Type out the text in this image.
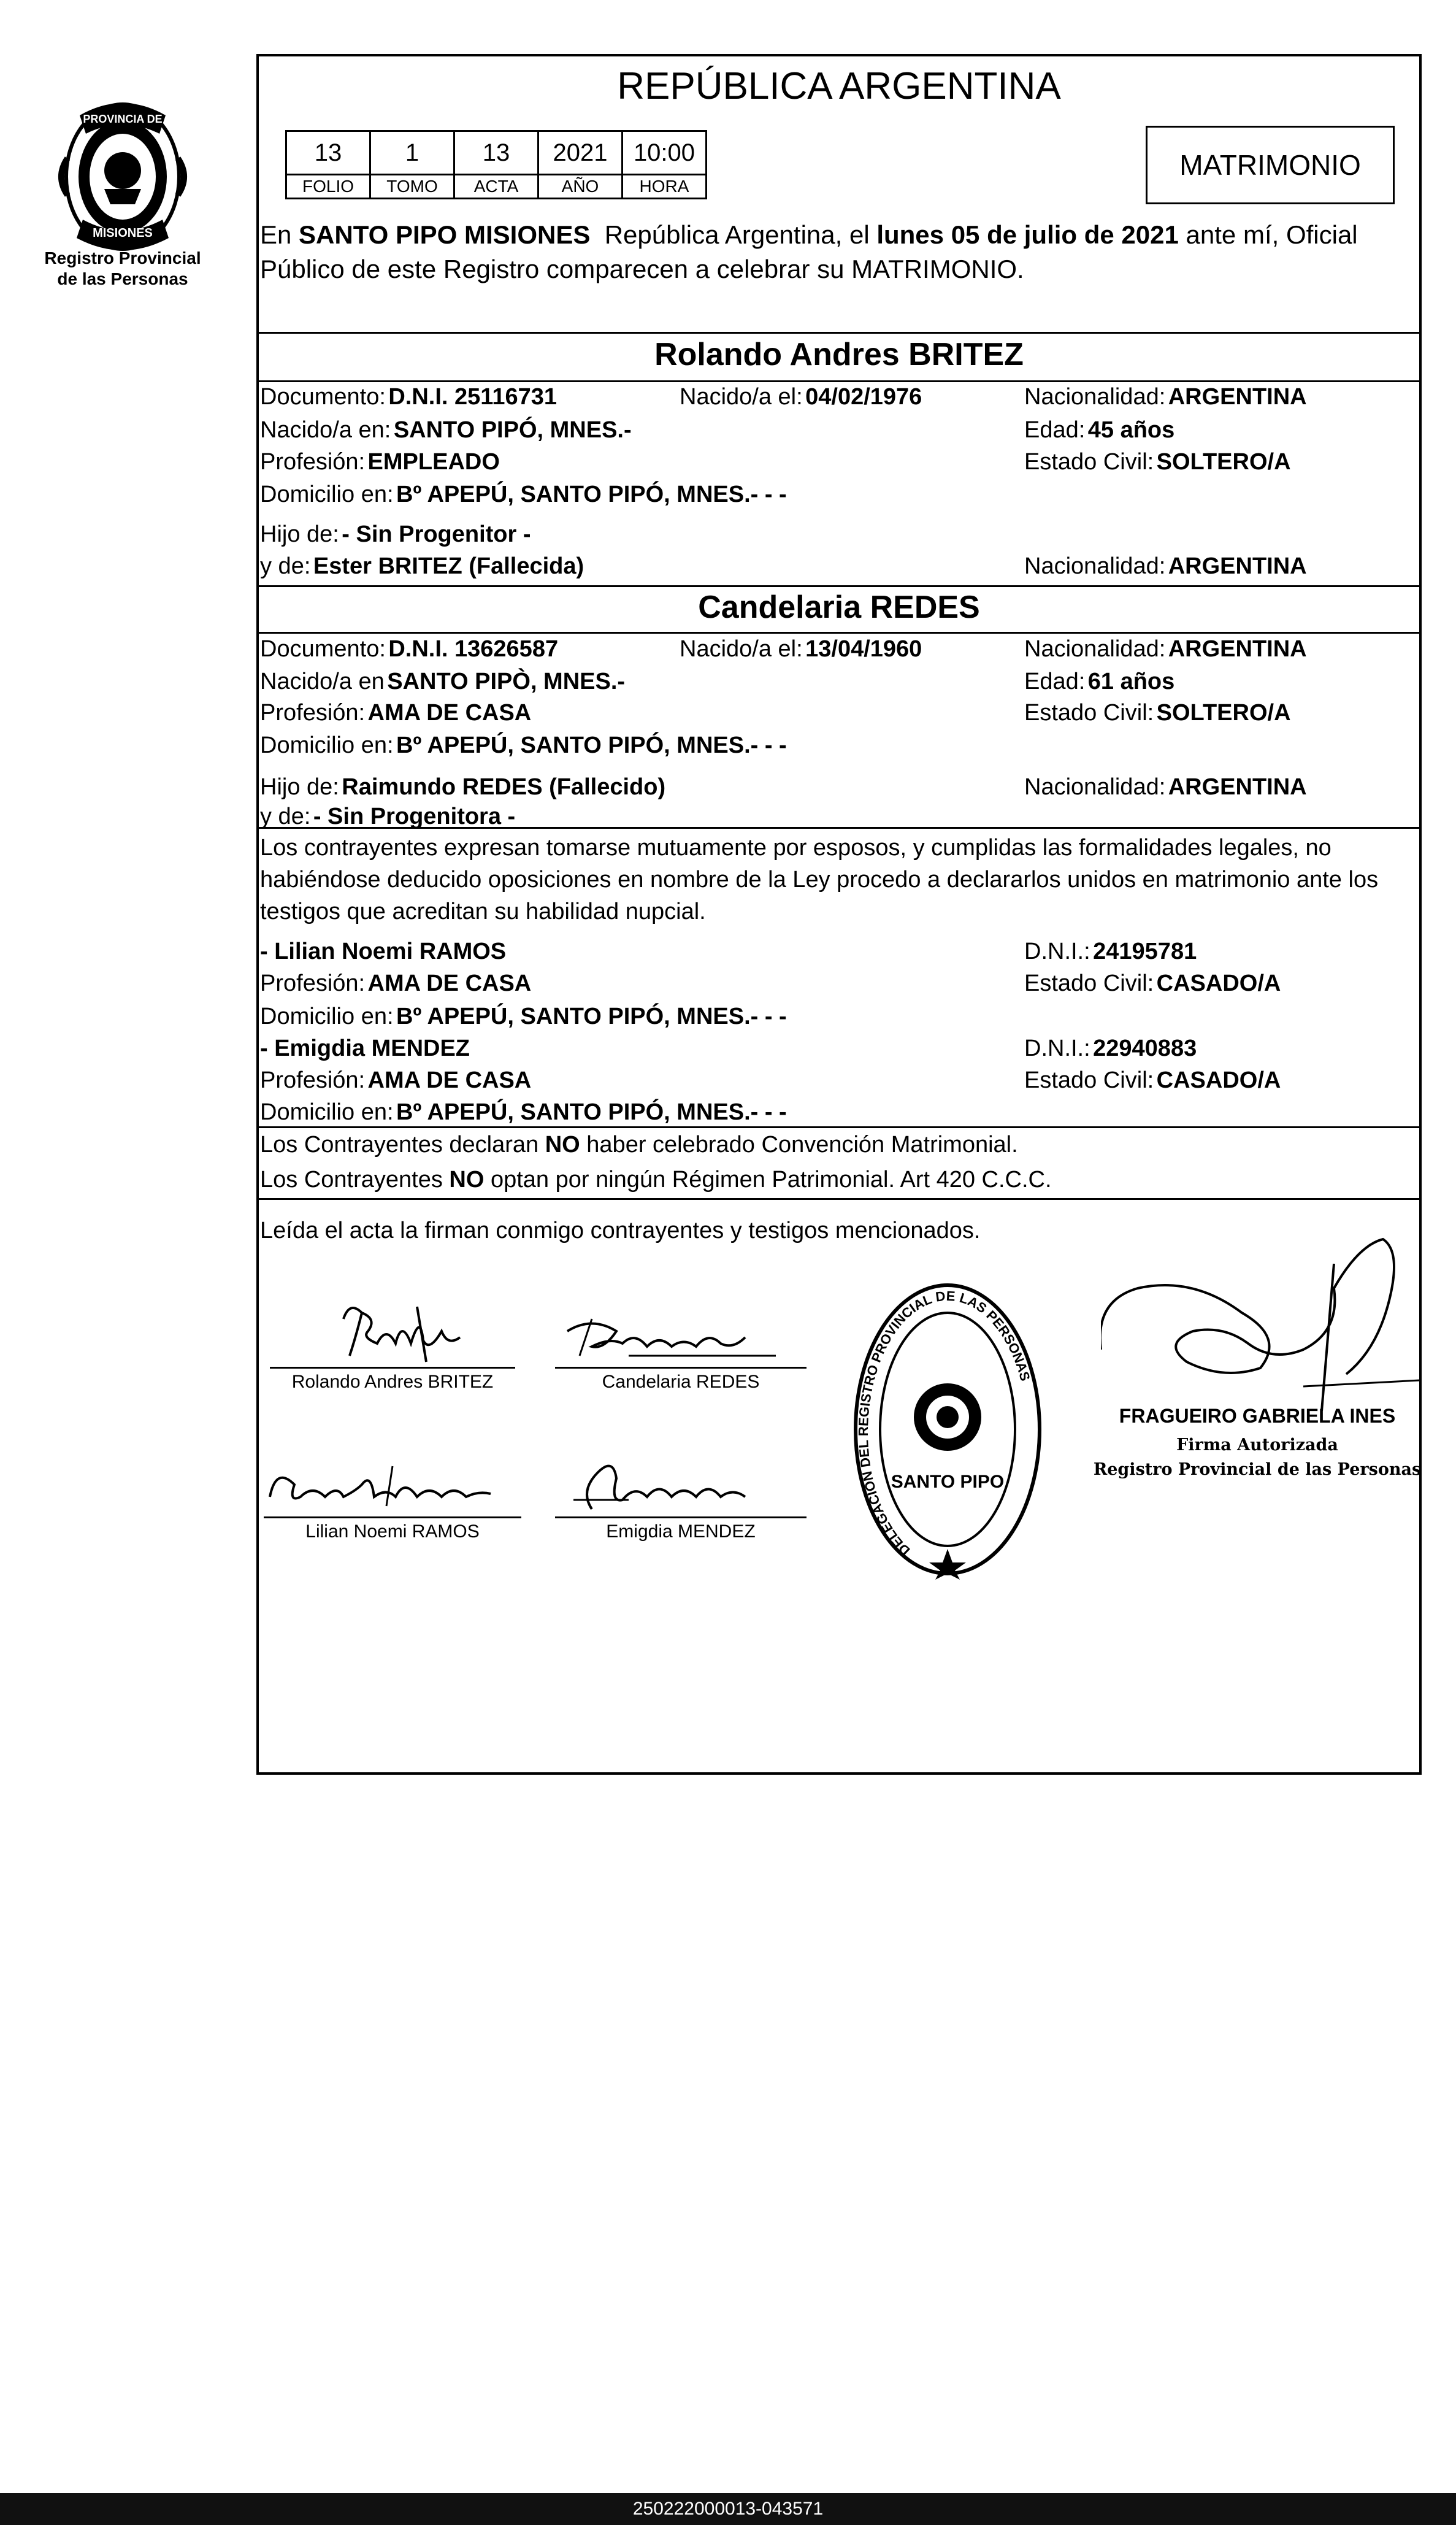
PROVINCIA DE
MISIONES
Registro Provincial
de las Personas
REPÚBLICA ARGENTINA
13	1	13	2021	10:00
FOLIO	TOMO	ACTA	AÑO	HORA
MATRIMONIO
En SANTO PIPO MISIONES  República Argentina, el lunes 05 de julio de 2021 ante mí, Oficial Público de este Registro comparecen a celebrar su MATRIMONIO.
Rolando Andres BRITEZ
Documento: D.N.I. 25116731	Nacido/a el: 04/02/1976	Nacionalidad: ARGENTINA
Nacido/a en: SANTO PIPÓ, MNES.-	Edad: 45 años
Profesión: EMPLEADO	Estado Civil: SOLTERO/A
Domicilio en: Bº APEPÚ, SANTO PIPÓ, MNES.- - -
Hijo de: - Sin Progenitor -
y de: Ester BRITEZ (Fallecida)	Nacionalidad: ARGENTINA
Candelaria REDES
Documento: D.N.I. 13626587	Nacido/a el: 13/04/1960	Nacionalidad: ARGENTINA
Nacido/a en SANTO PIPÒ, MNES.-	Edad: 61 años
Profesión: AMA DE CASA	Estado Civil: SOLTERO/A
Domicilio en: Bº APEPÚ, SANTO PIPÓ, MNES.- - -
Hijo de: Raimundo REDES (Fallecido)	Nacionalidad: ARGENTINA
y de: - Sin Progenitora -
Los contrayentes expresan tomarse mutuamente por esposos, y cumplidas las formalidades legales, no habiéndose deducido oposiciones en nombre de la Ley procedo a declararlos unidos en matrimonio ante los testigos que acreditan su habilidad nupcial.
- Lilian Noemi RAMOS	D.N.I.: 24195781
Profesión: AMA DE CASA	Estado Civil: CASADO/A
Domicilio en: Bº APEPÚ, SANTO PIPÓ, MNES.- - -
- Emigdia MENDEZ	D.N.I.: 22940883
Profesión: AMA DE CASA	Estado Civil: CASADO/A
Domicilio en: Bº APEPÚ, SANTO PIPÓ, MNES.- - -
Los Contrayentes declaran NO haber celebrado Convención Matrimonial.
Los Contrayentes NO optan por ningún Régimen Patrimonial. Art 420 C.C.C.
Leída el acta la firman conmigo contrayentes y testigos mencionados.
Rolando Andres BRITEZ	Candelaria REDES
Lilian Noemi RAMOS	Emigdia MENDEZ
SANTO PIPO
DELEGACION DEL REGISTRO PROVINCIAL DE LAS PERSONAS
FRAGUEIRO GABRIELA INES
Firma Autorizada
Registro Provincial de las Personas
250222000013-043571
